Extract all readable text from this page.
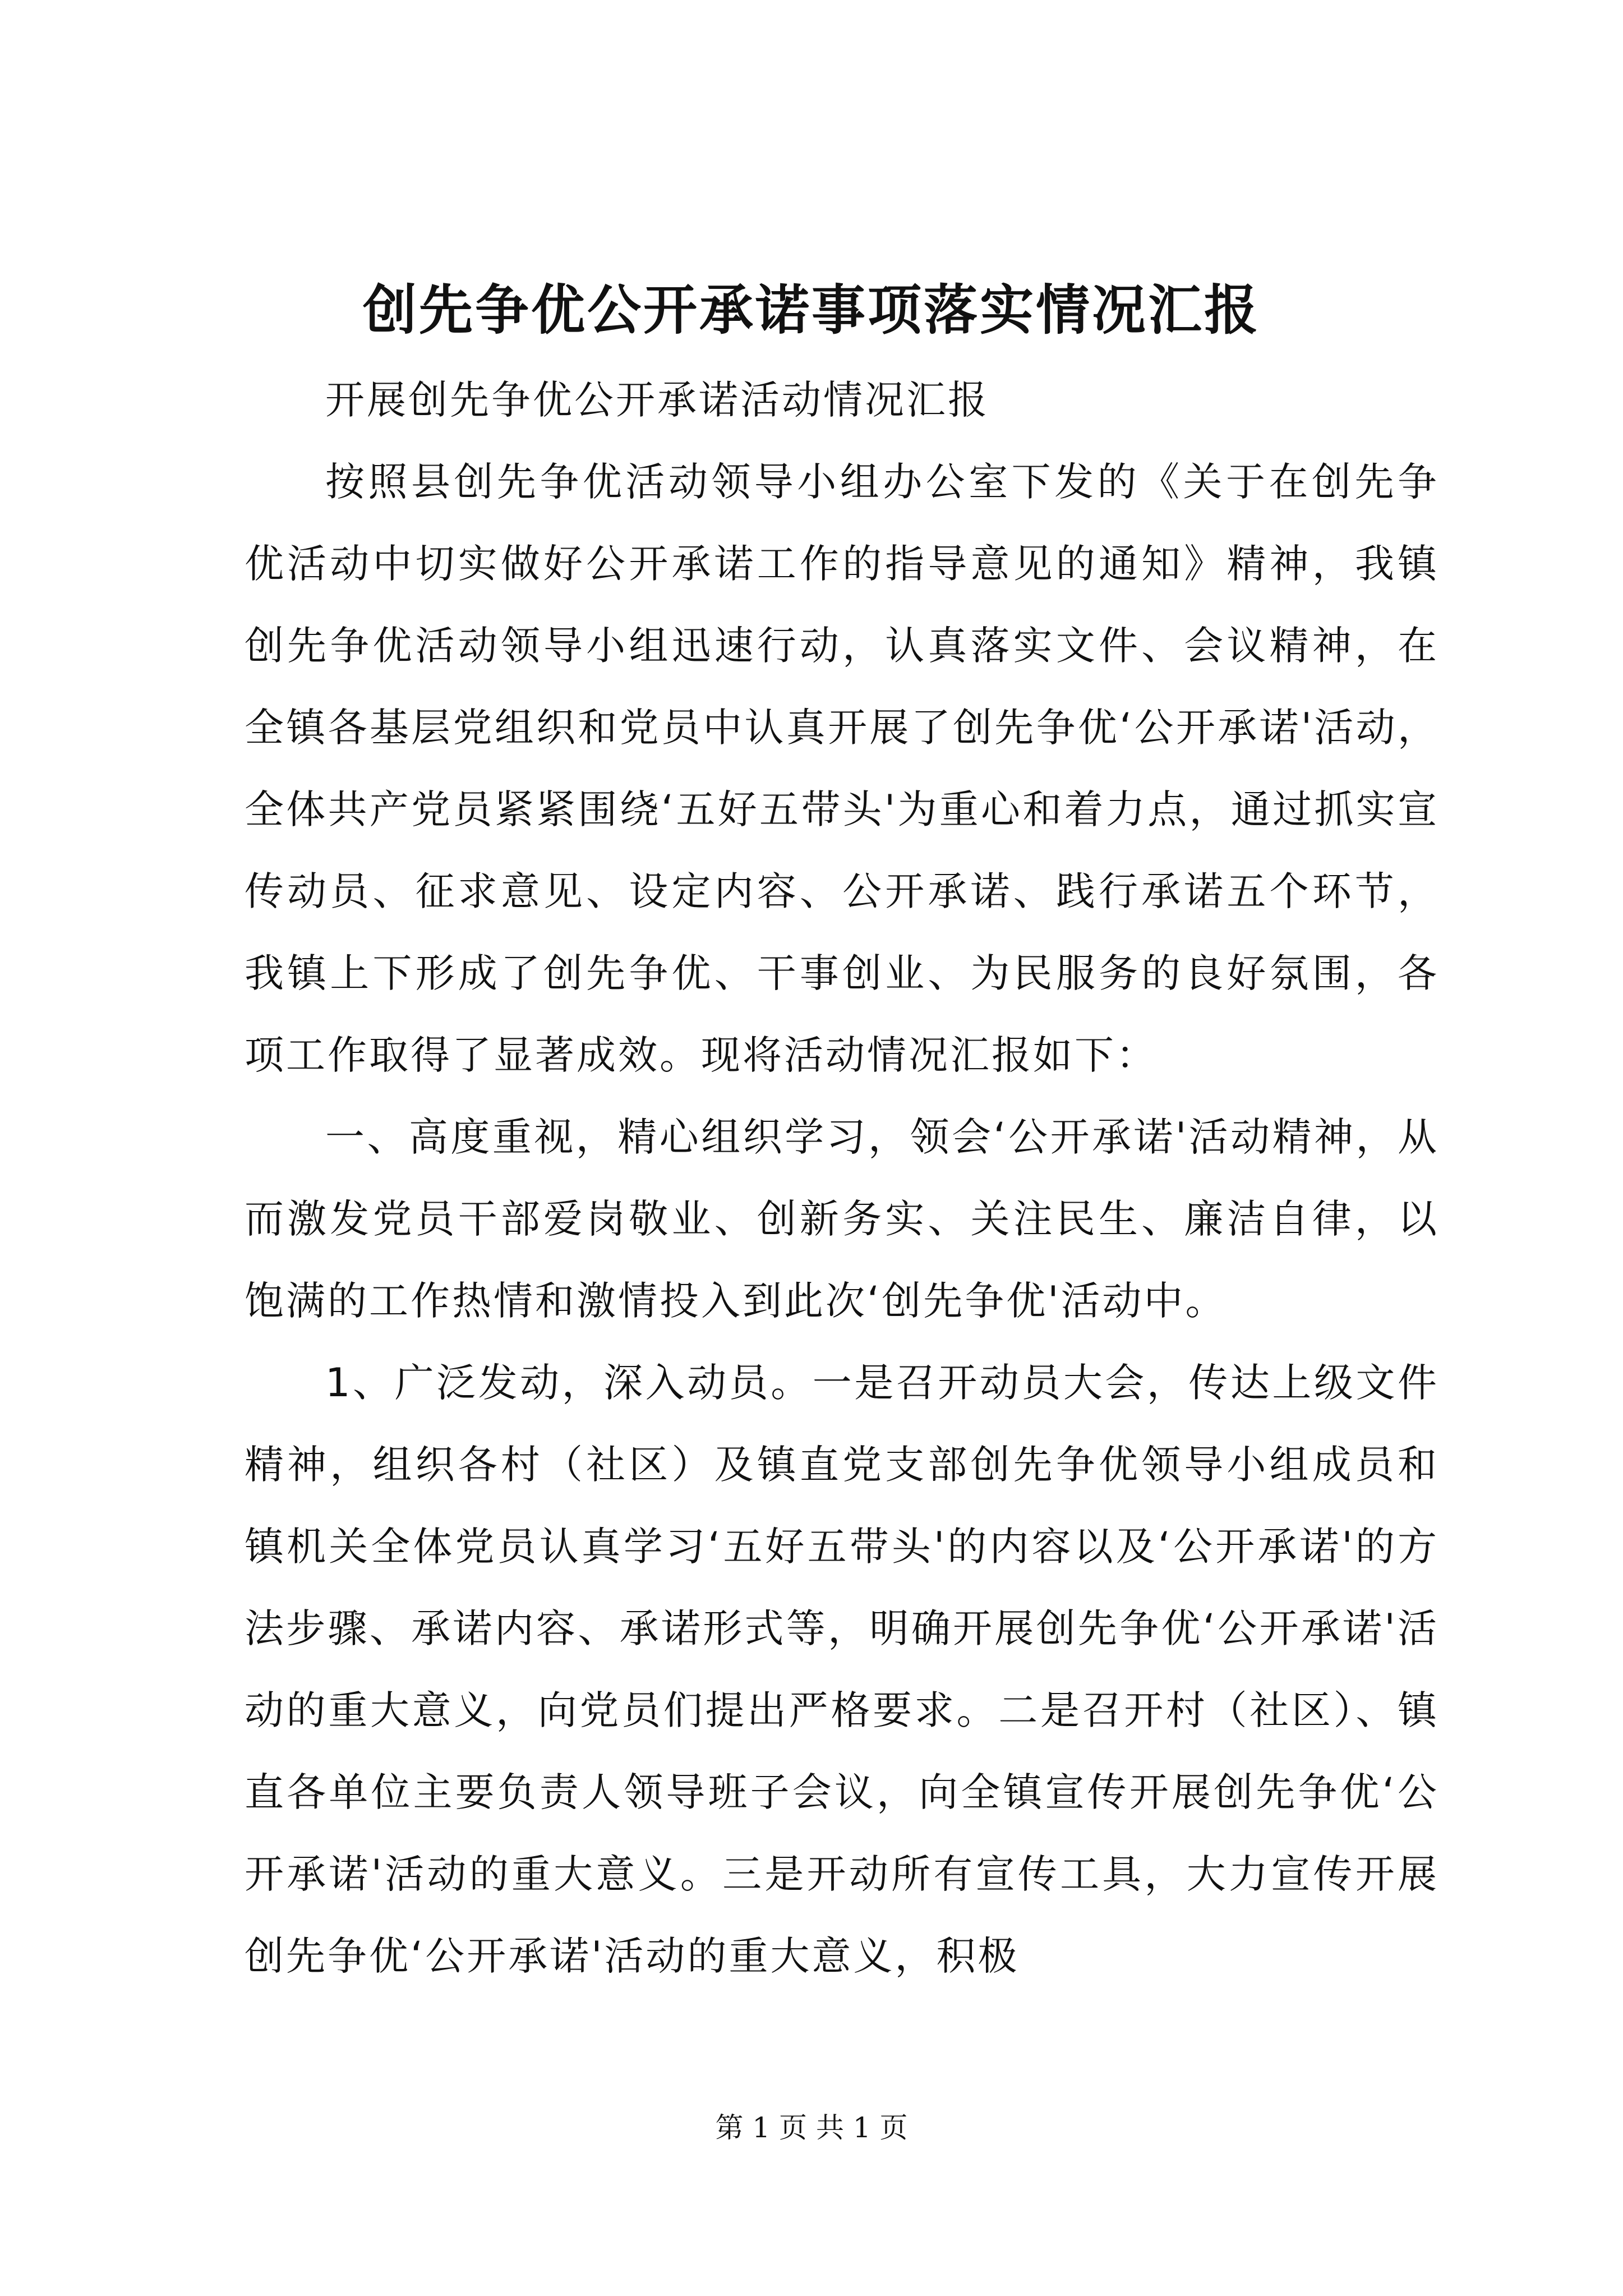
创先争优公开承诺事项落实情况汇报

开展创先争优公开承诺活动情况汇报

按照县创先争优活动领导小组办公室下发的《关于在创先争优活动中切实做好公开承诺工作的指导意见的通知》精神，我镇创先争优活动领导小组迅速行动，认真落实文件、会议精神，在全镇各基层党组织和党员中认真开展了创先争优‘公开承诺'活动，全体共产党员紧紧围绕‘五好五带头'为重心和着力点，通过抓实宣传动员、征求意见、设定内容、公开承诺、践行承诺五个环节，我镇上下形成了创先争优、干事创业、为民服务的良好氛围，各项工作取得了显著成效。现将活动情况汇报如下：

一、高度重视，精心组织学习，领会‘公开承诺'活动精神，从而激发党员干部爱岗敬业、创新务实、关注民生、廉洁自律，以饱满的工作热情和激情投入到此次‘创先争优'活动中。

1、广泛发动，深入动员。一是召开动员大会，传达上级文件精神，组织各村（社区）及镇直党支部创先争优领导小组成员和镇机关全体党员认真学习‘五好五带头'的内容以及‘公开承诺'的方法步骤、承诺内容、承诺形式等，明确开展创先争优‘公开承诺'活动的重大意义，向党员们提出严格要求。二是召开村（社区）、镇直各单位主要负责人领导班子会议，向全镇宣传开展创先争优‘公开承诺'活动的重大意义。三是开动所有宣传工具，大力宣传开展创先争优‘公开承诺'活动的重大意义，积极

第 1 页 共 1 页
